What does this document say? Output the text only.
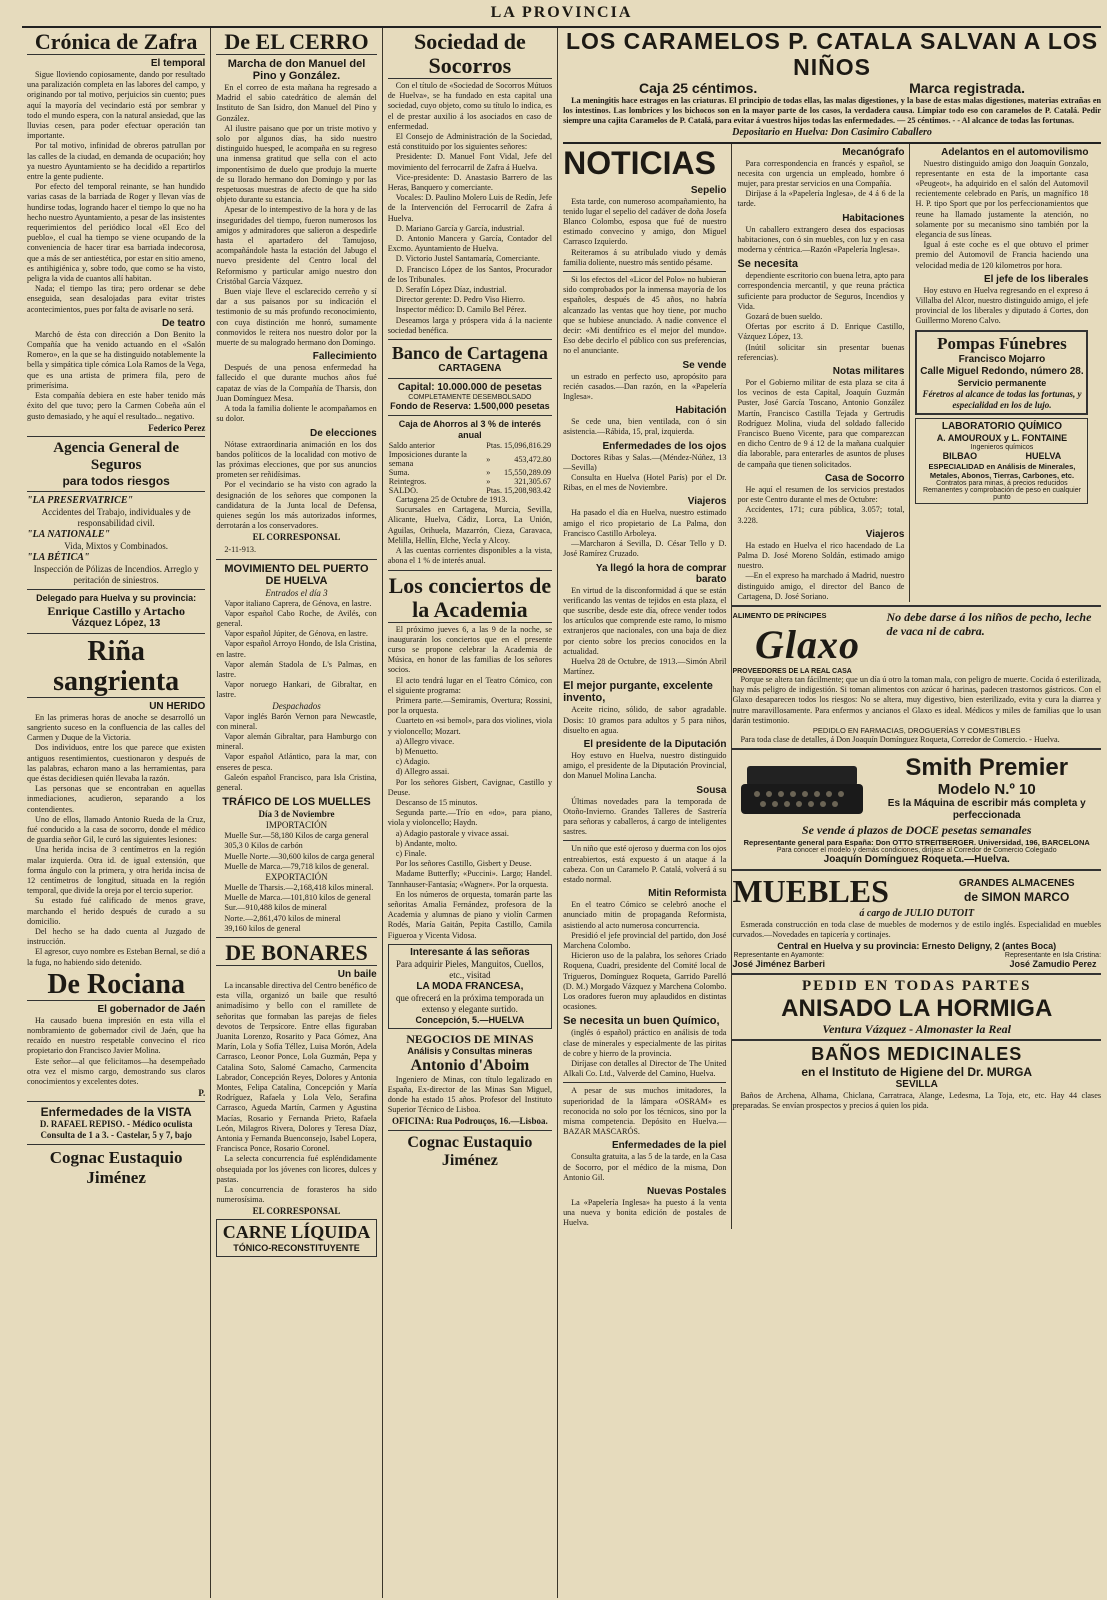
LA PROVINCIA
Crónica de Zafra
El temporal

Sigue lloviendo copiosamente, dando por resultado una paralización completa en las labores del campo, y originando por tal motivo, perjuicios sin cuento; pues aquí la mayoría del vecindario está por sembrar y todo el mundo espera, con la natural ansiedad, que las lluvias cesen, para poder efectuar operación tan importante.

Por tal motivo, infinidad de obreros patrullan por las calles de la ciudad, en demanda de ocupación; hoy ya nuestro Ayuntamiento se ha decidido a repartirlos entre la gente pudiente.

Por efecto del temporal reinante, se han hundido varias casas de la barriada de Roger y llevan vías de hundirse todas, logrando hacer el tiempo lo que no ha hecho nuestro Ayuntamiento, a pesar de las insistentes requerimientos del periódico local «El Eco del pueblo», el cual ha tiempo se viene ocupando de la conveniencia de hacer tirar esa barriada indecorosa, que a más de ser antiestética, por estar en sitio ameno, es antihigiénica y, sobre todo, que como se ha visto, peligra la vida de cuantos allí habitan.

Nada; el tiempo las tira; pero ordenar se debe enseguida, sean desalojadas para evitar tristes acontecimientos, pues por falta de avisarle no será.

De teatro

Marchó de ésta con dirección a Don Benito la Compañía que ha venido actuando en el «Salón Romero», en la que se ha distinguido notablemente la bella y simpática tiple cómica Lola Ramos de la Vega, que es una artista de primera fila, pero de primerísima.

Esta compañía debiera en este haber tenido más éxito del que tuvo; pero la Carmen Cobeña aún el gusto demasiado, y he aquí el resultado... negativo.

Federico Perez
Agencia General de Seguros
para todos riesgos
"LA PRESERVATRICE"
Accidentes del Trabajo, individuales y de responsabilidad civil.
"LA NATIONALE"
Vida, Mixtos y Combinados.
"LA BÉTICA"
Inspección de Pólizas de Incendios. Arreglo y peritación de siniestros.
Delegado para Huelva y su provincia:
Enrique Castillo y Artacho
Vázquez López, 13
Riña sangrienta
UN HERIDO

En las primeras horas de anoche se desarrolló un sangriento suceso en la confluencia de las calles del Carmen y Duque de la Victoria.

Dos individuos, entre los que parece que existen antiguos resentimientos, cuestionaron y después de las palabras, echaron mano a las herramientas, para que éstas decidiesen quién llevaba la razón.

Las personas que se encontraban en aquellas inmediaciones, acudieron, separando a los contendientes.

Uno de ellos, llamado Antonio Rueda de la Cruz, fué conducido a la casa de socorro, donde el médico de guardia señor Gil, le curó las siguientes lesiones:

Una herida incisa de 3 centímetros en la región malar izquierda. Otra id. de igual extensión, que forma ángulo con la primera, y otra herida incisa de 12 centímetros de longitud, situada en la región temporal, que divide la oreja por el tercio superior.

Su estado fué calificado de menos grave, marchando el herido después de curado a su domicilio.

Del hecho se ha dado cuenta al Juzgado de instrucción.

El agresor, cuyo nombre es Esteban Bernal, se dió a la fuga, no habiendo sido detenido.

De Rociana
El gobernador de Jaén

Ha causado buena impresión en esta villa el nombramiento de gobernador civil de Jaén, que ha recaído en nuestro respetable convecino el rico propietario don Francisco Javier Molina.

Este señor—al que felicitamos—ha desempeñado otra vez el mismo cargo, demostrando sus claros conocimientos y excelentes dotes.

P.
Enfermedades de la VISTA
D. RAFAEL REPISO. - Médico oculista
Consulta de 1 a 3. - Castelar, 5 y 7, bajo
Cognac Eustaquio Jiménez
De EL CERRO
Marcha de don Manuel del Pino y González.

En el correo de esta mañana ha regresado a Madrid el sabio catedrático de alemán del Instituto de San Isidro, don Manuel del Pino y González.

Al ilustre paisano que por un triste motivo y solo por algunos días, ha sido nuestro distinguido huesped, le acompaña en su regreso una inmensa gratitud que sella con el acto imponentísimo de duelo que produjo la muerte de su llorado hermano don Domingo y por las respetuosas muestras de afecto de que ha sido objeto durante su estancia.

Apesar de lo intempestivo de la hora y de las inseguridades del tiempo, fueron numerosos los amigos y admiradores que salieron a despedirle hasta el apartadero del Tamujoso, acompañándole hasta la estación del Jabugo el nuevo presidente del Centro local del Reformismo y particular amigo nuestro don Cristóbal García Vázquez.

Buen viaje lleve el esclarecido cerreño y sí dar a sus paisanos por su indicación el testimonio de su más profundo reconocimiento, con cuya distinción me honró, sumamente conmovidos le reitera nos nuestro dolor por la muerte de su malogrado hermano don Domingo.

Fallecimiento

Después de una penosa enfermedad ha fallecido el que durante muchos años fué capataz de vías de la Compañía de Tharsis, don Juan Domínguez Mesa.

A toda la familia doliente le acompañamos en su dolor.

De elecciones

Nótase extraordinaria animación en los dos bandos políticos de la localidad con motivo de las próximas elecciones, que por sus anuncios prometen ser reñidísimas.

Por el vecindario se ha visto con agrado la designación de los señores que componen la candidatura de la Junta local de Defensa, quienes según los más autorizados informes, derrotarán a los conservadores.

EL CORRESPONSAL

2-11-913.

MOVIMIENTO DEL PUERTO DE HUELVA
Entrados el día 3

Vapor italiano Caprera, de Génova, en lastre.

Vapor español Cabo Roche, de Avilés, con general.

Vapor español Júpiter, de Génova, en lastre.

Vapor español Arroyo Hondo, de Isla Cristina, en lastre.

Vapor alemán Stadola de L's Palmas, en lastre.

Vapor noruego Hankari, de Gibraltar, en lastre.

Despachados

Vapor inglés Barón Vernon para Newcastle, con mineral.

Vapor alemán Gibraltar, para Hamburgo con mineral.

Vapor español Atlántico, para la mar, con enseres de pesca.

Galeón español Francisco, para Isla Cristina, general.

TRÁFICO DE LOS MUELLES
Día 3 de Noviembre
IMPORTACIÓN

Muelle Sur.—58,180 Kilos de carga general

305,3 0 Kilos de carbón

Muelle Norte.—30,600 kilos de carga general

Muelle de Marca.—79,718 kilos de general.

EXPORTACIÓN

Muelle de Tharsis.—2,168,418 kilos mineral.

Muelle de Marca.—101,810 kilos de general

Sur.—910,488 kilos de mineral

Norte.—2,861,470 kilos de mineral

39,160 kilos de general

DE BONARES
Un baile

La incansable directiva del Centro benéfico de esta villa, organizó un baile que resultó animadísimo y bello con el ramillete de señoritas que formaban las parejas de fieles devotos de Terpsícore. Entre ellas figuraban Juanita Lorenzo, Rosarito y Paca Gómez, Ana Marín, Lola y Sofía Téllez, Luisa Morón, Adela Carrasco, Leonor Ponce, Lola Guzmán, Pepa y Catalina Soto, Salomé Camacho, Carmencita Labrador, Concepción Reyes, Dolores y Antonia Montes, Felipa Catalina, Concepción y María Rodríguez, Rafaela y Lola Velo, Serafina Carrasco, Agueda Martín, Carmen y Agustina Macías, Rosario y Fernanda Prieto, Rafaela León, Milagros Rivera, Dolores y Teresa Díaz, Antonia y Fernanda Buenconsejo, Isabel Lopera, Francisca Ponce, Rosario Coronel.

La selecta concurrencia fué espléndidamente obsequiada por los jóvenes con licores, dulces y pastas.

La concurrencia de forasteros ha sido numerosísima.

EL CORRESPONSAL
CARNE LÍQUIDA
TÓNICO-RECONSTITUYENTE
Sociedad de Socorros

Con el título de «Sociedad de Socorros Mútuos de Huelva», se ha fundado en esta capital una sociedad, cuyo objeto, como su título lo indica, es el de prestar auxilio á los asociados en caso de enfermedad.

El Consejo de Administración de la Sociedad, está constituido por los siguientes señores:

Presidente: D. Manuel Font Vidal, Jefe del movimiento del ferrocarril de Zafra á Huelva.

Vice-presidente: D. Anastasio Barrero de las Heras, Banquero y comerciante.

Vocales: D. Paulino Molero Luis de Redín, Jefe de la Intervención del Ferrocarril de Zafra á Huelva.

D. Mariano García y García, industrial.

D. Antonio Mancera y García, Contador del Excmo. Ayuntamiento de Huelva.

D. Victorio Justel Santamaría, Comerciante.

D. Francisco López de los Santos, Procurador de los Tribunales.

D. Serafín López Díaz, industrial.

Director gerente: D. Pedro Viso Hierro.

Inspector médico: D. Camilo Bel Pérez.

Deseamos larga y próspera vida á la naciente sociedad benéfica.

Banco de Cartagena
CARTAGENA
Capital: 10.000.000 de pesetas
COMPLETAMENTE DESEMBOLSADO
Fondo de Reserva: 1.500,000 pesetas
Caja de Ahorros al 3 % de interés anual
Saldo anterior	Ptas.	15,096,816.29
Imposiciones durante la semana	»	453,472.80
Suma.	»	15,550,289.09
Reintegros.	»	321,305.67
SALDO.	Ptas.	15,208,983.42

Cartagena 25 de Octubre de 1913.

Sucursales en Cartagena, Murcia, Sevilla, Alicante, Huelva, Cádiz, Lorca, La Unión, Aguilas, Orihuela, Mazarrón, Cieza, Caravaca, Melilla, Hellín, Elche, Yecla y Alcoy.

A las cuentas corrientes disponibles a la vista, abona el 1 % de interés anual.

Los conciertos de la Academia

El próximo jueves 6, a las 9 de la noche, se inaugurarán los conciertos que en el presente curso se propone celebrar la Academia de Música, en honor de las familias de los señores socios.

El acto tendrá lugar en el Teatro Cómico, con el siguiente programa:

Primera parte.—Semiramis, Overtura; Rossini, por la orquesta.

Cuarteto en «si bemol», para dos violines, viola y violoncello; Mozart.

a) Allegro vivace.

b) Menuetto.

c) Adagio.

d) Allegro assai.

Por los señores Gisbert, Cavignac, Castillo y Deuse.

Descanso de 15 minutos.

Segunda parte.—Trío en «do», para piano, viola y violoncello; Haydn.

a) Adagio pastorale y vivace assai.

b) Andante, molto.

c) Finale.

Por los señores Castillo, Gisbert y Deuse.

Madame Butterfly; «Puccini». Largo; Handel. Tannhauser-Fantasía; «Wagner». Por la orquesta.

En los números de orquesta, tomarán parte las señoritas Amalia Fernández, profesora de la Academia y alumnas de piano y violín Carmen Rodés, María Gaitán, Pepita Castillo, Camila Figueroa y Vicenta Vidosa.

Interesante á las señoras
Para adquirir Pieles, Manguitos, Cuellos, etc., visitad
LA MODA FRANCESA,
que ofrecerá en la próxima temporada un extenso y elegante surtido.
Concepción, 5.—HUELVA
NEGOCIOS DE MINAS
Análisis y Consultas mineras
Antonio d'Aboim

Ingeniero de Minas, con título legalizado en España, Ex-director de las Minas San Miguel, donde ha estado 15 años. Profesor del Instituto Superior Técnico de Lisboa.

OFICINA: Rua Podrouços, 16.—Lisboa.
Cognac Eustaquio Jiménez
LOS CARAMELOS P. CATALA SALVAN A LOS NIÑOS
Caja 25 céntimos.	Marca registrada.

La meningitis hace estragos en las criaturas. El principio de todas ellas, las malas digestiones, y la base de estas malas digestiones, materias extrañas en los intestinos. Las lombrices y los bichocos son en la mayor parte de los casos, la verdadera causa. Limpiar todo eso con caramelos de P. Catalá. Pedir siempre una cajita Caramelos de P. Catalá, para evitar á vuestros hijos todas las enfermedades. — 25 céntimos. - - Al alcance de todas las fortunas.

Depositario en Huelva: Don Casimiro Caballero
NOTICIAS
Sepelio

Esta tarde, con numeroso acompañamiento, ha tenido lugar el sepelio del cadáver de doña Josefa Blanco Colombo, esposa que fué de nuestro estimado convecino y amigo, don Miguel Carrasco Izquierdo.

Reiteramos á su atribulado viudo y demás familia doliente, nuestro más sentido pésame.

Si los efectos del «Licor del Polo» no hubieran sido comprobados por la inmensa mayoría de los españoles, después de 45 años, no habría alcanzado las ventas que hoy tiene, por mucho que se hubiese anunciado. A nadie convence el decir: «Mi dentífrico es el mejor del mundo». Eso debe decirlo el público con sus preferencias, no el anunciante.

Se vende

un estrado en perfecto uso, apropósito para recién casados.—Dan razón, en la «Papelería Inglesa».

Habitación

Se cede una, bien ventilada, con ó sin asistencia.—Rábida, 15, pral, izquierda.

Enfermedades de los ojos

Doctores Ribas y Salas.—(Méndez-Núñez, 13—Sevilla)

Consulta en Huelva (Hotel París) por el Dr. Ribas, en el mes de Noviembre.

Viajeros

Ha pasado el día en Huelva, nuestro estimado amigo el rico propietario de La Palma, don Francisco Castillo Arboleya.

—Marcharon á Sevilla, D. César Tello y D. José Ramírez Cruzado.

Ya llegó la hora de comprar barato

En virtud de la disconformidad á que se están verificando las ventas de tejidos en esta plaza, el que suscribe, desde este día, ofrece vender todos los artículos que comprende este ramo, lo mismo extranjeros que nacionales, con una baja de diez por ciento sobre los precios conocidos en la actualidad.

Huelva 28 de Octubre, de 1913.—Simón Abril Martínez.

El mejor purgante, excelente invento,

Aceite ricino, sólido, de sabor agradable. Dosis: 10 gramos para adultos y 5 para niños, disuelto en agua.

El presidente de la Diputación

Hoy estuvo en Huelva, nuestro distinguido amigo, el presidente de la Diputación Provincial, don Manuel Molina Lancha.

Sousa

Últimas novedades para la temporada de Otoño-Invierno. Grandes Talleres de Sastrería para señoras y caballeros, á cargo de inteligentes sastres.

Un niño que esté ojeroso y duerma con los ojos entreabiertos, está expuesto á un ataque á la cabeza. Con un Caramelo P. Catalá, volverá á su estado normal.

Mitin Reformista

En el teatro Cómico se celebró anoche el anunciado mitin de propaganda Reformista, asistiendo al acto numerosa concurrencia.

Presidió el jefe provincial del partido, don José Marchena Colombo.

Hicieron uso de la palabra, los señores Criado Roquena, Cuadri, presidente del Comité local de Trigueros, Domínguez Roqueta, Garrido Parelló (D. M.) Morgado Vázquez y Marchena Colombo. Los oradores fueron muy aplaudidos en distintas ocasiones.

Se necesita un buen Químico,

(inglés ó español) práctico en análisis de toda clase de minerales y especialmente de las piritas de cobre y hierro de la provincia.

Diríjase con detalles al Director de The United Alkali Co. Ltd., Valverde del Camino, Huelva.

A pesar de sus muchos imitadores, la superioridad de la lámpara «OSRAM» es reconocida no solo por los técnicos, sino por la misma competencia. Depósito en Huelva.—BAZAR MASCARÓS.

Enfermedades de la piel

Consulta gratuita, a las 5 de la tarde, en la Casa de Socorro, por el médico de la misma, Don Antonio Gil.

Nuevas Postales

La «Papelería Inglesa» ha puesto á la venta una nueva y bonita edición de postales de Huelva.

Mecanógrafo

Para correspondencia en francés y español, se necesita con urgencia un empleado, hombre ó mujer, para prestar servicios en una Compañía.

Diríjase á la «Papelería Inglesa», de 4 á 6 de la tarde.

Habitaciones

Un caballero extrangero desea dos espaciosas habitaciones, con ó sin muebles, con luz y en casa moderna y céntrica.—Razón «Papelería Inglesa».

Se necesita

dependiente escritorio con buena letra, apto para correspondencia mercantil, y que reuna práctica suficiente para productor de Seguros, Incendios y Vida.

Gozará de buen sueldo.

Ofertas por escrito á D. Enrique Castillo, Vázquez López, 13.

(Inútil solicitar sin presentar buenas referencias).

Notas militares

Por el Gobierno militar de esta plaza se cita á los vecinos de esta Capital, Joaquín Guzmán Puster, José García Toscano, Antonio González Martín, Francisco Castilla Tejada y Gertrudis Rodríguez Molina, viuda del soldado fallecido Francisco Bueno Vicente, para que comparezcan en dicho Centro de 9 á 12 de la mañana cualquier día laborable, para enterarles de asuntos de pluses de campaña que tienen solicitados.

Casa de Socorro

He aquí el resumen de los servicios prestados por este Centro durante el mes de Octubre:

Accidentes, 171; cura pública, 3.057; total, 3.228.

Viajeros

Ha estado en Huelva el rico hacendado de La Palma D. José Moreno Soldán, estimado amigo nuestro.

—En el expreso ha marchado á Madrid, nuestro distinguido amigo, el director del Banco de Cartagena, D. José Soriano.

Adelantos en el automovilismo

Nuestro distinguido amigo don Joaquín Gonzalo, representante en esta de la importante casa «Peugeot», ha adquirido en el salón del Automovil recientemente celebrado en París, un magnífico 18 H. P. tipo Sport que por los perfeccionamientos que reune ha llamado justamente la atención, no solamente por su mecanismo sino también por la elegancia de sus líneas.

Igual á este coche es el que obtuvo el primer premio del Automovil de Francia haciendo una velocidad media de 120 kilometros por hora.

El jefe de los liberales

Hoy estuvo en Huelva regresando en el expreso á Villalba del Alcor, nuestro distinguido amigo, el jefe provincial de los liberales y diputado á Cortes, don Guillermo Moreno Calvo.

Pompas Fúnebres
Francisco Mojarro
Calle Miguel Redondo, número 28.
Servicio permanente
Féretros al alcance de todas las fortunas, y especialidad en los de lujo.
LABORATORIO QUÍMICO
A. AMOUROUX y L. FONTAINE
Ingenieros químicos
BILBAO	HUELVA
ESPECIALIDAD en Análisis de Minerales, Metales, Abonos, Tierras, Carbones, etc.
Contratos para minas, á precios reducidos
Remanentes y comprobación de peso en cualquier punto
ALIMENTO DE PRÍNCIPES
Glaxo
PROVEEDORES DE LA REAL CASA
No debe darse á los niños de pecho, leche de vaca ni de cabra.

Porque se altera tan fácilmente; que un día ú otro la toman mala, con peligro de muerte. Cocida ó esterilizada, hay más peligro de indigestión. Si toman alimentos con azúcar ó harinas, padecen trastornos gástricos. Con el Glaxo desaparecen todos los riesgos: No se altera, muy digestivo, bien esterilizado, evita y cura la diarrea y nutre maravillosamente. Para enfermos y ancianos el Glaxo es ideal. Médicos y miles de familias que lo usan darán testimonio.

PEDIDLO EN FARMACIAS, DROGUERÍAS Y COMESTIBLES

Para toda clase de detalles, á Don Joaquín Domínguez Roqueta, Corredor de Comercio. - Huelva.

Smith Premier
Modelo N.º 10
Es la Máquina de escribir más completa y perfeccionada
Se vende á plazos de DOCE pesetas semanales
Representante general para España: Don OTTO STREITBERGER. Universidad, 196, BARCELONA
Para conocer el modelo y demás condiciones, diríjase al Corredor de Comercio Colegiado
Joaquín Domínguez Roqueta.—Huelva.
MUEBLES	GRANDES ALMACENES
de SIMON MARCO
á cargo de JULIO DUTOIT

Esmerada construcción en toda clase de muebles de modernos y de estilo inglés. Especialidad en muebles curvados.—Novedades en tapicería y cortinajes.

Central en Huelva y su provincia: Ernesto Deligny, 2 (antes Boca)
Representante en Ayamonte:
José Jiménez Barberi
Representante en Isla Cristina:
José Zamudio Perez
PEDID EN TODAS PARTES
ANISADO LA HORMIGA
Ventura Vázquez - Almonaster la Real
BAÑOS MEDICINALES
en el Instituto de Higiene del Dr. MURGA
SEVILLA

Baños de Archena, Alhama, Chiclana, Carratraca, Alange, Ledesma, La Toja, etc, etc. Hay 44 clases preparadas. Se envían prospectos y precios á quien los pida.
